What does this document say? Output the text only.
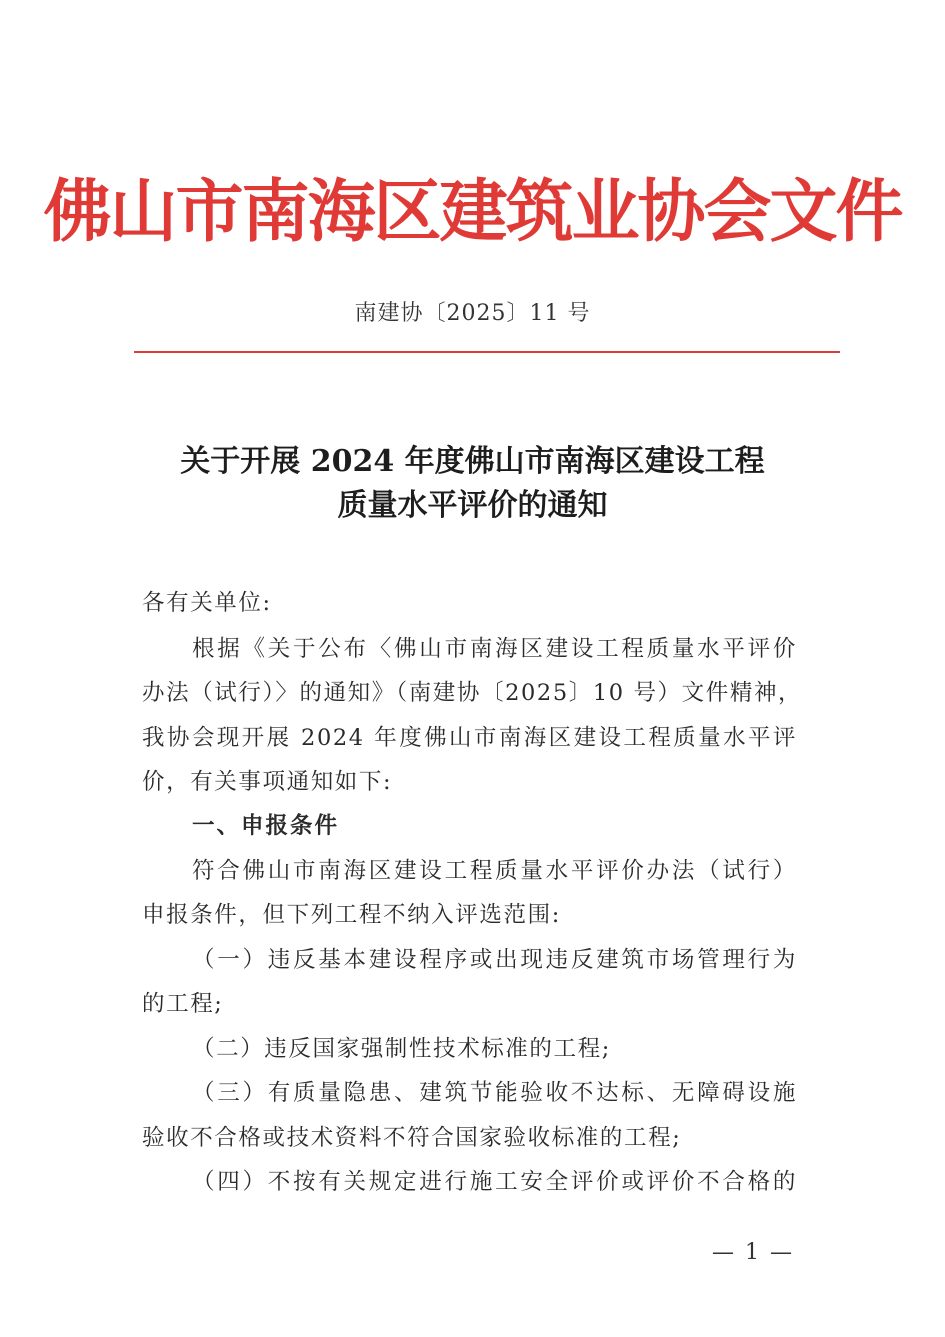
佛山市南海区建筑业协会文件
南建协〔2025〕11 号
关于开展 2024 年度佛山市南海区建设工程
质量水平评价的通知
各有关单位:
根据《关于公布〈佛山市南海区建设工程质量水平评价
办法（试行）〉的通知》（南建协〔2025〕10 号）文件精神，
我协会现开展 2024 年度佛山市南海区建设工程质量水平评
价，有关事项通知如下:
一、申报条件
符合佛山市南海区建设工程质量水平评价办法（试行）
申报条件，但下列工程不纳入评选范围:
（一）违反基本建设程序或出现违反建筑市场管理行为
的工程;
（二）违反国家强制性技术标准的工程;
（三）有质量隐患、建筑节能验收不达标、无障碍设施
验收不合格或技术资料不符合国家验收标准的工程;
（四）不按有关规定进行施工安全评价或评价不合格的
— 1 —
